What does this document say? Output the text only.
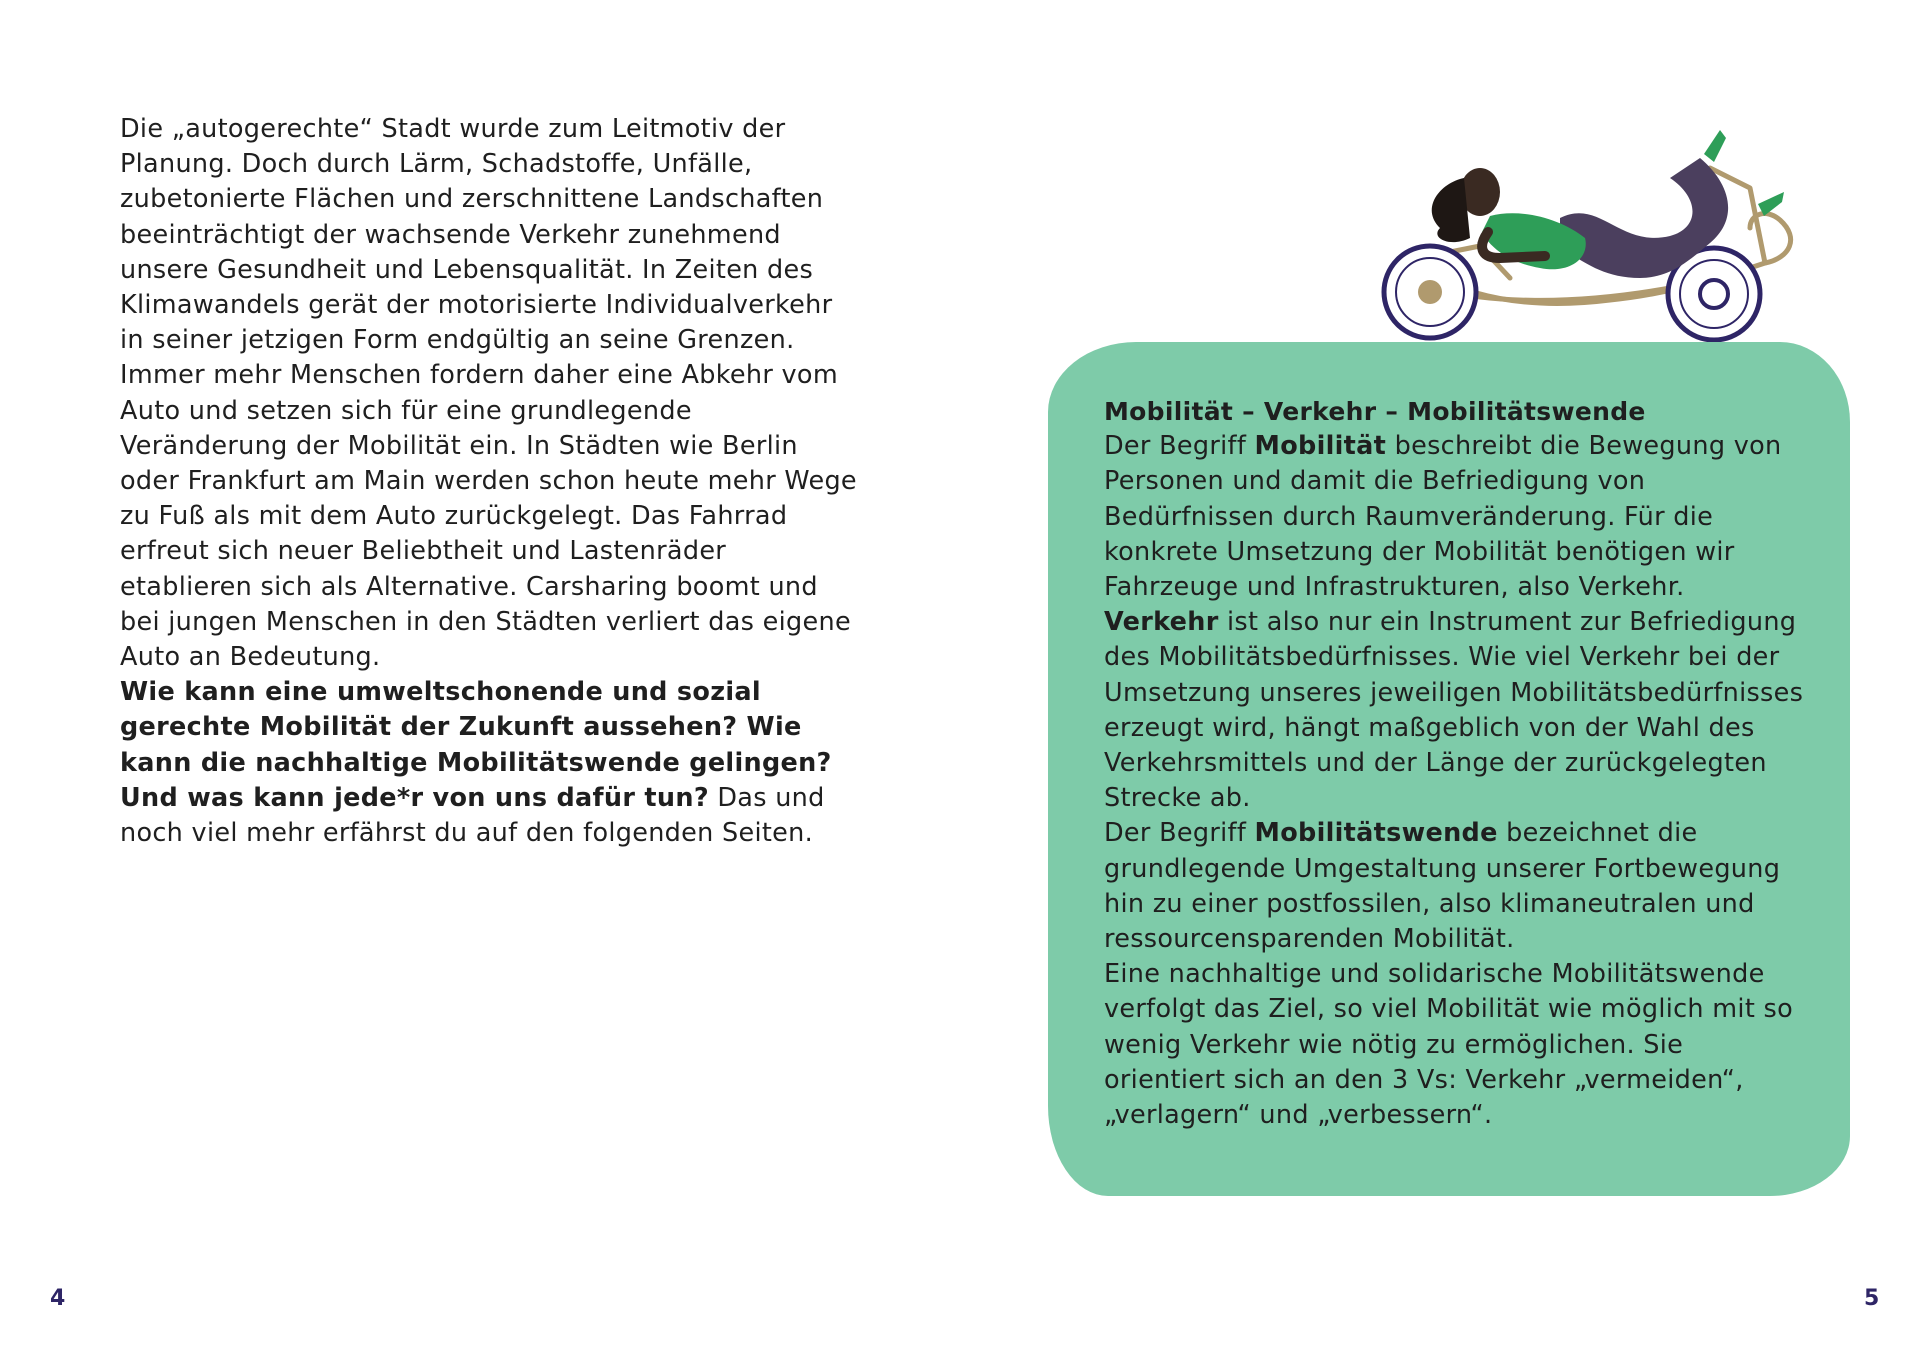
Die „autogerechte“ Stadt wurde zum Leitmotiv der Planung. Doch durch Lärm, Schadstoffe, Unfälle, zubetonierte Flächen und zerschnittene Landschaften beeinträchtigt der wachsende Verkehr zunehmend unsere Gesundheit und Lebensqualität. In Zeiten des Klimawandels gerät der motorisierte Individualverkehr in seiner jetzigen Form endgültig an seine Grenzen.

Immer mehr Menschen fordern daher eine Abkehr vom Auto und setzen sich für eine grundlegende Veränderung der Mobilität ein. In Städten wie Berlin oder Frankfurt am Main werden schon heute mehr Wege zu Fuß als mit dem Auto zurückgelegt. Das Fahrrad erfreut sich neuer Beliebtheit und Lastenräder etablieren sich als Alternative. Carsharing boomt und bei jungen Menschen in den Städten verliert das eigene Auto an Bedeutung.

Wie kann eine umweltschonende und sozial gerechte Mobilität der Zukunft aussehen? Wie kann die nachhaltige Mobilitätswende gelingen? Und was kann jede*r von uns dafür tun? Das und noch viel mehr erfährst du auf den folgenden Seiten.

Mobilität – Verkehr – Mobilitätswende

Der Begriff Mobilität beschreibt die Bewegung von Personen und damit die Befriedigung von Bedürfnissen durch Raumveränderung. Für die konkrete Umsetzung der Mobilität benötigen wir Fahrzeuge und Infrastrukturen, also Verkehr.

Verkehr ist also nur ein Instrument zur Befriedigung des Mobilitätsbedürfnisses. Wie viel Verkehr bei der Umsetzung unseres jeweiligen Mobilitätsbedürfnisses erzeugt wird, hängt maßgeblich von der Wahl des Verkehrsmittels und der Länge der zurückgelegten Strecke ab.

Der Begriff Mobilitätswende bezeichnet die grundlegende Umgestaltung unserer Fortbewegung hin zu einer postfossilen, also klimaneutralen und ressourcensparenden Mobilität.

Eine nachhaltige und solidarische Mobilitätswende verfolgt das Ziel, so viel Mobilität wie möglich mit so wenig Verkehr wie nötig zu ermöglichen. Sie orientiert sich an den 3 Vs: Verkehr „vermeiden“, „verlagern“ und „verbessern“.

4	5
